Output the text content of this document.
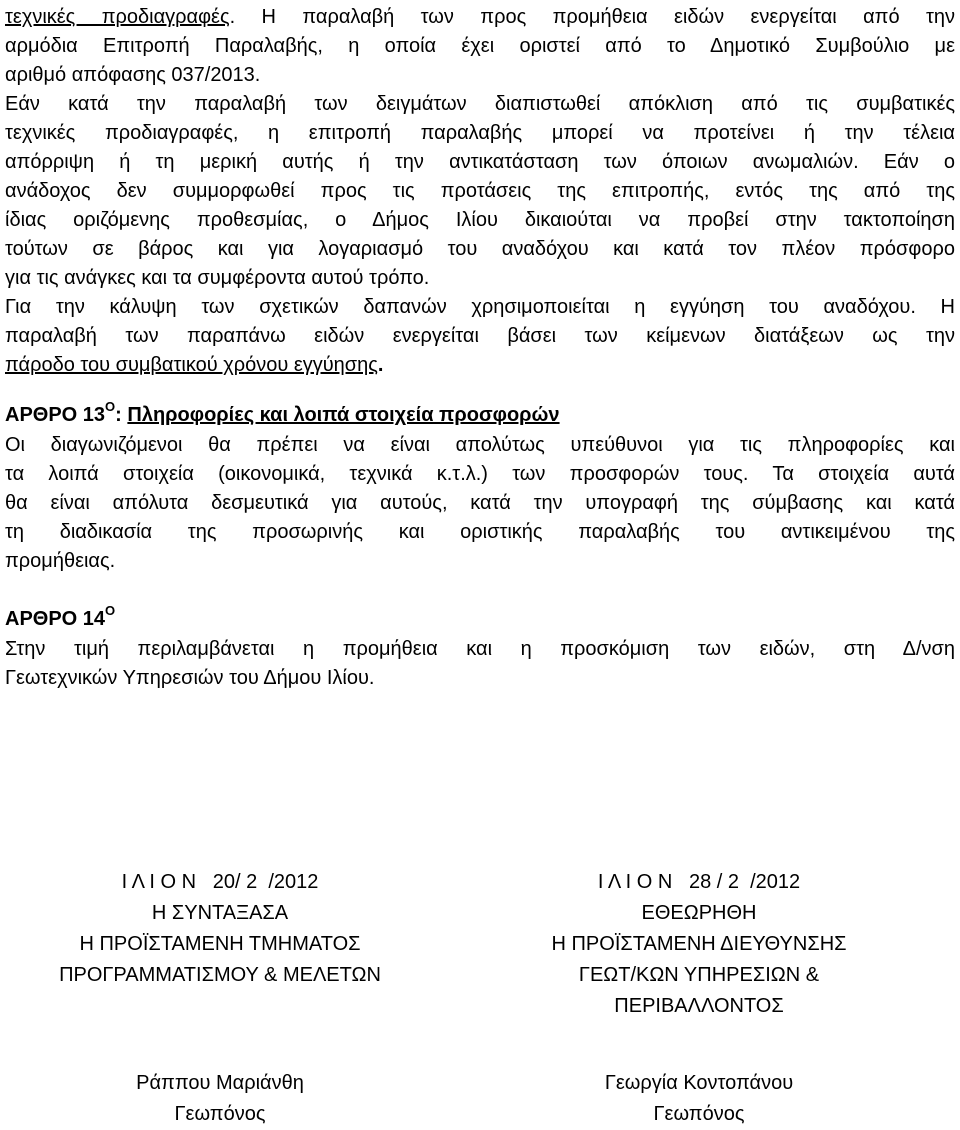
τεχνικές προδιαγραφές. Η παραλαβή των προς προμήθεια ειδών ενεργείται από την
αρμόδια Επιτροπή Παραλαβής, η οποία έχει οριστεί από το Δημοτικό Συμβούλιο με
αριθμό απόφασης 037/2013.
Εάν κατά την παραλαβή των δειγμάτων διαπιστωθεί απόκλιση από τις συμβατικές
τεχνικές προδιαγραφές, η επιτροπή παραλαβής μπορεί να προτείνει ή την τέλεια
απόρριψη ή τη μερική αυτής ή την αντικατάσταση των όποιων ανωμαλιών. Εάν ο
ανάδοχος δεν συμμορφωθεί προς τις προτάσεις της επιτροπής, εντός της από της
ίδιας οριζόμενης προθεσμίας, ο Δήμος Ιλίου δικαιούται να προβεί στην τακτοποίηση
τούτων σε βάρος και για λογαριασμό του αναδόχου και κατά τον πλέον πρόσφορο
για τις ανάγκες και τα συμφέροντα αυτού τρόπο.
Για την κάλυψη των σχετικών δαπανών χρησιμοποιείται η εγγύηση του αναδόχου. Η
παραλαβή των παραπάνω ειδών ενεργείται βάσει των κείμενων διατάξεων ως την
πάροδο του συμβατικού χρόνου εγγύησης.
ΑΡΘΡΟ $13^O$: Πληροφορίες και λοιπά στοιχεία προσφορών
Οι διαγωνιζόμενοι θα πρέπει να είναι απολύτως υπεύθυνοι για τις πληροφορίες και
τα λοιπά στοιχεία (οικονομικά, τεχνικά κ.τ.λ.) των προσφορών τους. Τα στοιχεία αυτά
θα είναι απόλυτα δεσμευτικά για αυτούς, κατά την υπογραφή της σύμβασης και κατά
τη διαδικασία της προσωρινής και οριστικής παραλαβής του αντικειμένου της
προμήθειας.
ΑΡΘΡΟ $14^O$
Στην τιμή περιλαμβάνεται η προμήθεια και η προσκόμιση των ειδών, στη Δ/νση
Γεωτεχνικών Υπηρεσιών του Δήμου Ιλίου.
Ι Λ Ι Ο Ν   20/ 2  /2012
Η ΣΥΝΤΑΞΑΣΑ
Η ΠΡΟΪΣΤΑΜΕΝΗ ΤΜΗΜΑΤΟΣ
ΠΡΟΓΡΑΜΜΑΤΙΣΜΟΥ & ΜΕΛΕΤΩΝ
Ράππου Μαριάνθη
Γεωπόνος
Ι Λ Ι Ο Ν   28 / 2  /2012
ΕΘΕΩΡΗΘΗ
Η ΠΡΟΪΣΤΑΜΕΝΗ ΔΙΕΥΘΥΝΣΗΣ
ΓΕΩΤ/ΚΩΝ ΥΠΗΡΕΣΙΩΝ &
ΠΕΡΙΒΑΛΛΟΝΤΟΣ
Γεωργία Κοντοπάνου
Γεωπόνος
